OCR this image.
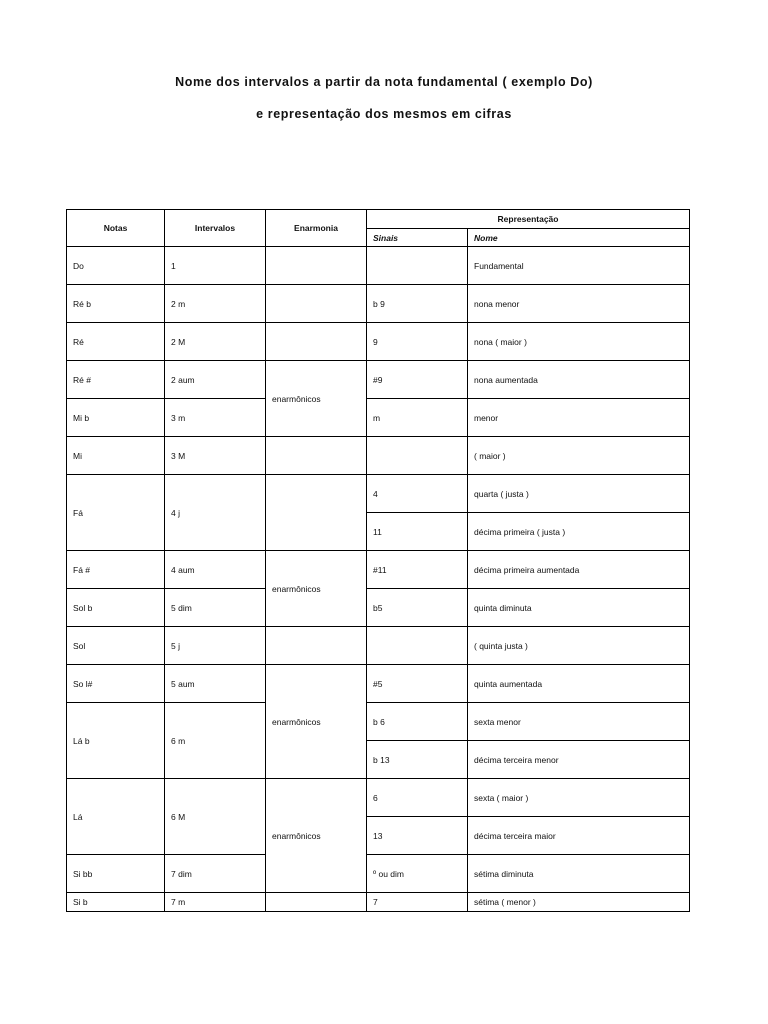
Nome dos intervalos a partir da nota fundamental ( exemplo Do)
e representação dos mesmos em cifras
Notas	Intervalos	Enarmonia	Representação	
			Sinais	Nome
Do	1			Fundamental
Ré b	2 m		b 9	nona menor
Ré	2 M		9	nona ( maior )
Ré #	2 aum	enarmônicos	#9	nona aumentada
Mi b	3 m		m	menor
Mi	3 M			( maior )
Fá	4 j		4	quarta ( justa )
			11	décima primeira ( justa )
Fá #	4 aum	enarmônicos	#11	décima primeira aumentada
Sol b	5 dim		b5	quinta diminuta
Sol	5 j			( quinta justa )
So l#	5 aum	enarmônicos	#5	quinta aumentada
Lá b	6 m		b 6	sexta menor
			b 13	décima terceira menor
Lá	6 M	enarmônicos	6	sexta ( maior )
			13	décima terceira maior
Si bb	7 dim		º ou dim	sétima diminuta
Si b	7 m		7	sétima ( menor )
